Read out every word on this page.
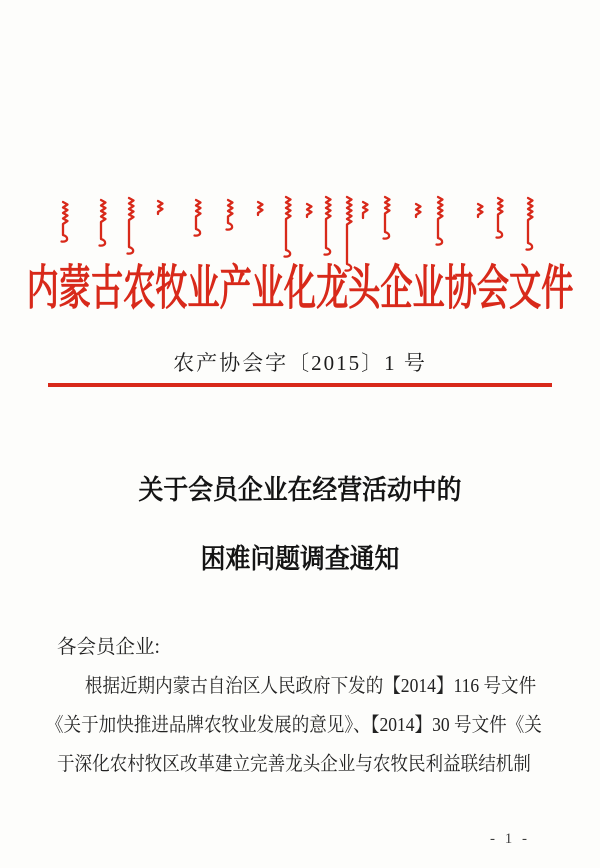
内蒙古农牧业产业化龙头企业协会文件
农产协会字〔2015〕1 号
关于会员企业在经营活动中的
困难问题调查通知
各会员企业:
根据近期内蒙古自治区人民政府下发的【2014】116 号文件
《关于加快推进品牌农牧业发展的意见》、【2014】30 号文件《关
于深化农村牧区改革建立完善龙头企业与农牧民利益联结机制
- 1 -
